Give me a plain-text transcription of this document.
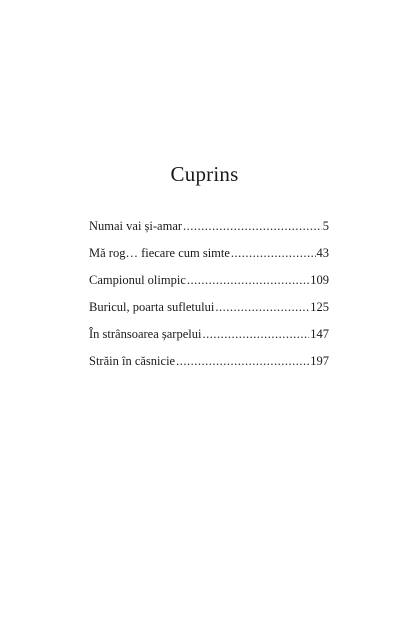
Cuprins
Numai vai și-amar .....	5
Mă rog… fiecare cum simte .....	43
Campionul olimpic .....	109
Buricul, poarta sufletului .....	125
În strânsoarea șarpelui .....	147
Străin în căsnicie .....	197
